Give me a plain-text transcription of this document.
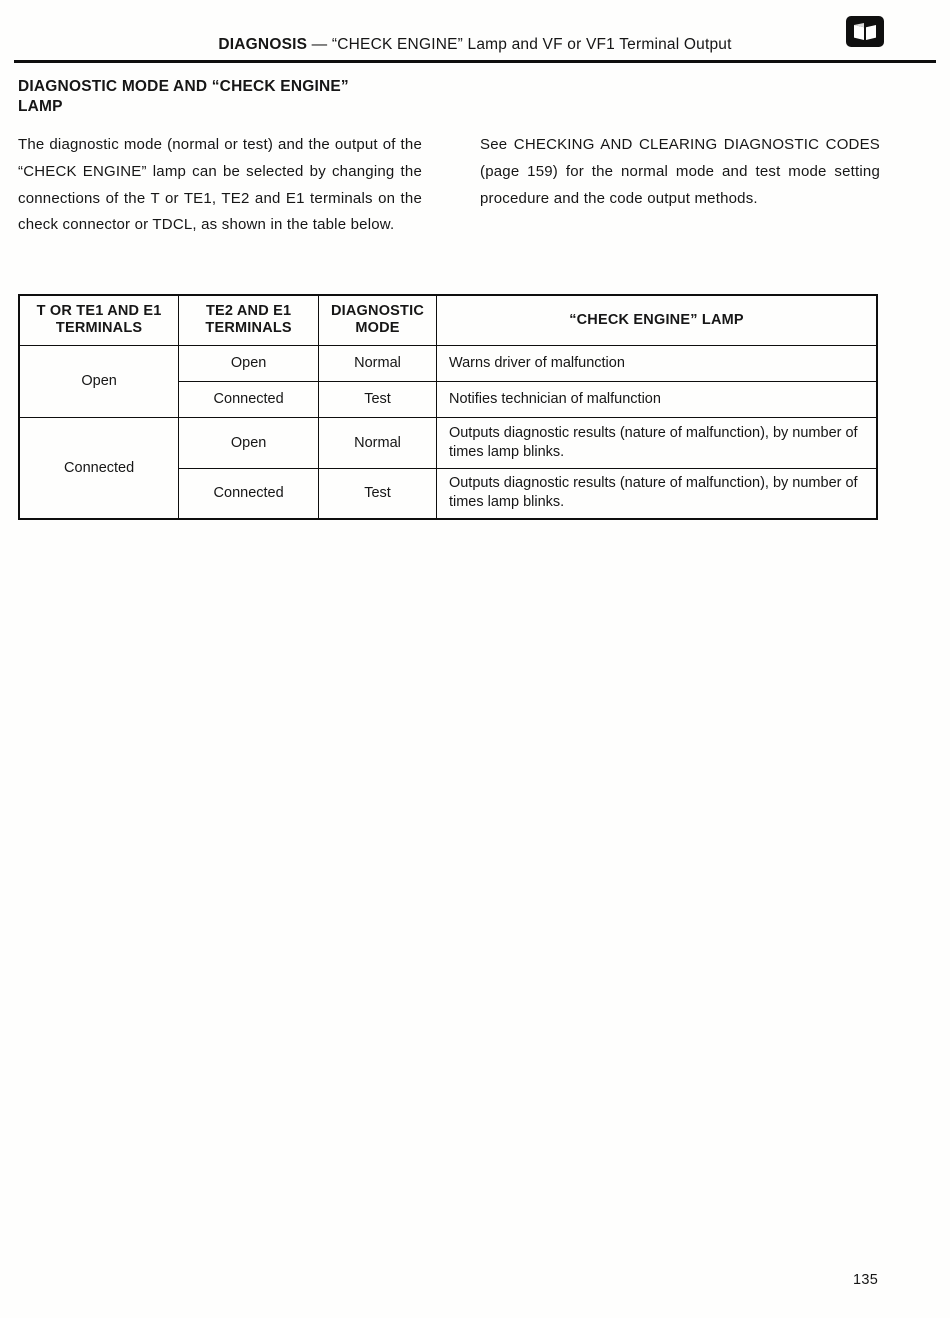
DIAGNOSIS — “CHECK ENGINE” Lamp and VF or VF1 Terminal Output
DIAGNOSTIC MODE AND “CHECK ENGINE”
LAMP
The diagnostic mode (normal or test) and the output of the “CHECK ENGINE” lamp can be selected by changing the connections of the T or TE1, TE2 and E1 terminals on the check connector or TDCL, as shown in the table below.
See CHECKING AND CLEARING DIAGNOSTIC CODES (page 159) for the normal mode and test mode setting procedure and the code output methods.
T OR TE1 AND E1 TERMINALS	TE2 AND E1 TERMINALS	DIAGNOSTIC MODE	“CHECK ENGINE” LAMP
Open	Open	Normal	Warns driver of malfunction
	Connected	Test	Notifies technician of malfunction
Connected	Open	Normal	Outputs diagnostic results (nature of malfunction), by number of times lamp blinks.
	Connected	Test	Outputs diagnostic results (nature of malfunction), by number of times lamp blinks.
135
